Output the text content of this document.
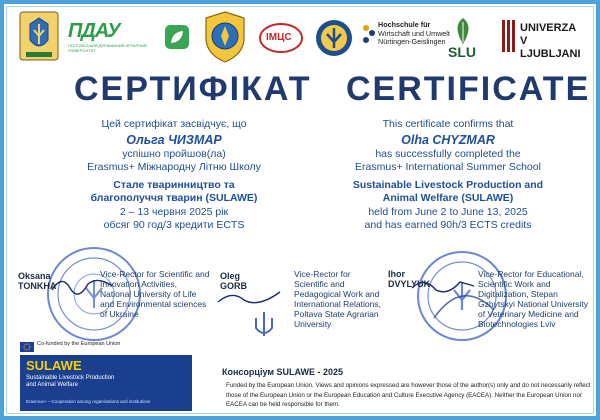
ПДАУ
ПОЛТАВСЬКИЙ ДЕРЖАВНИЙ АГРАРНИЙ УНІВЕРСИТЕТ
ІМЦС
Hochschule für
Wirtschaft und Umwelt
Nürtingen-Geislingen
SLU
UNIVERZA
V LJUBLJANI
СЕРТИФІКАТ CERTIFICATE

Цей сертифікат засвідчує, що

Ольга ЧИЗМАР

успішно пройшов(ла)

Erasmus+ Міжнародну Літню Школу

Стале тваринництво та

благополуччя тварин (SULAWE)

2 – 13 червня 2025 рік

обсяг 90 год/3 кредити ECTS

This certificate confirms that

Olha CHYZMAR

has successfully completed the

Erasmus+ International Summer School

Sustainable Livestock Production and

Animal Welfare (SULAWE)

held from June 2 to June 13, 2025

and has earned 90h/3 ECTS credits

Oksana
TONKHA
Vice-Rector for Scientific and Innovation Activities, National University of Life and Environmental sciences of Ukraine
Oleg
GORB
Vice-Rector for Scientific and Pedagogical Work and International Relations, Poltava State Agrarian University
Ihor
DVYLYUK
Vice-Rector for Educational, Scientific Work and Digitalization, Stepan Gzhytskyi National University of Veterinary Medicine and Biotechnologies Lviv
Консорціум SULAWE - 2025
Co-funded by the European Union
SULAWE
Sustainable Livestock Production
and Animal Welfare
Erasmus+ – Cooperation among organisations and institutions
Funded by the European Union. Views and opinions expressed are however those of the author(s) only and do not necessarily reflect those of the European Union or the European Education and Culture Executive Agency (EACEA). Neither the European Union nor EACEA can be held responsible for them.
